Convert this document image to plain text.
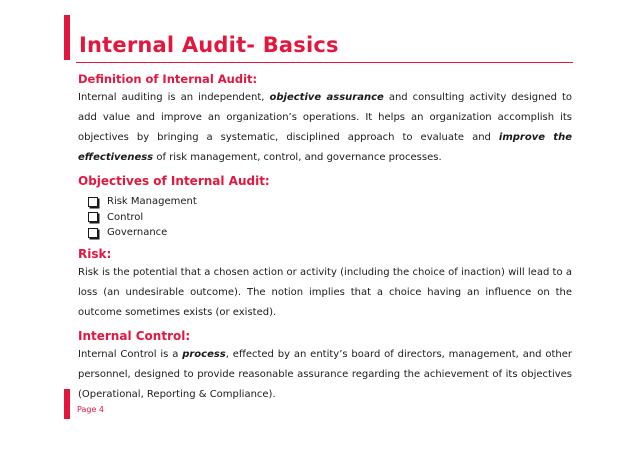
Internal Audit- Basics

Definition of Internal Audit:

Internal auditing is an independent, objective assurance and consulting activity designed to add value and improve an organization’s operations. It helps an organization accomplish its objectives by bringing a systematic, disciplined approach to evaluate and improve the effectiveness of risk management, control, and governance processes.

Objectives of Internal Audit:

Risk Management
Control
Governance

Risk:

Risk is the potential that a chosen action or activity (including the choice of inaction) will lead to a loss (an undesirable outcome). The notion implies that a choice having an influence on the outcome sometimes exists (or existed).

Internal Control:

Internal Control is a process, effected by an entity’s board of directors, management, and other personnel, designed to provide reasonable assurance regarding the achievement of its objectives (Operational, Reporting & Compliance).

Page 4
